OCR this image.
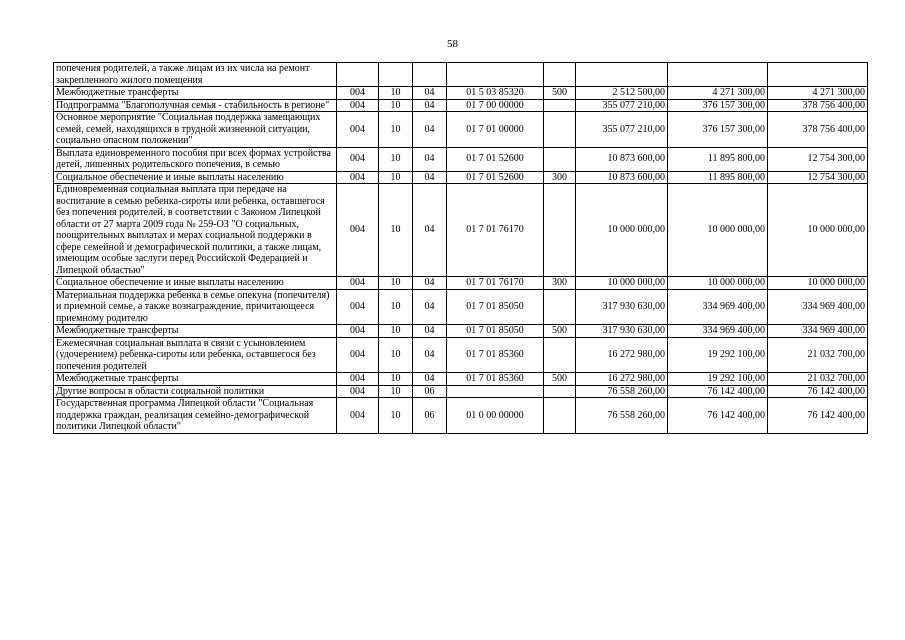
58
попечения родителей, а также лицам из их числа на ремонт закрепленного жилого помещения								
Межбюджетные трансферты	004	10	04	01 5 03 85320	500	2 512 500,00	4 271 300,00	4 271 300,00
Подпрограмма "Благополучная семья - стабильность в регионе"	004	10	04	01 7 00 00000		355 077 210,00	376 157 300,00	378 756 400,00
Основное мероприятие "Социальная поддержка замещающих семей, семей, находящихся в трудной жизненной ситуации, социально опасном положении"	004	10	04	01 7 01 00000		355 077 210,00	376 157 300,00	378 756 400,00
Выплата единовременного пособия при всех формах устройства детей, лишенных родительского попечения, в семью	004	10	04	01 7 01 52600		10 873 600,00	11 895 800,00	12 754 300,00
Социальное обеспечение и иные выплаты населению	004	10	04	01 7 01 52600	300	10 873 600,00	11 895 800,00	12 754 300,00
Единовременная социальная выплата при передаче на воспитание в семью ребенка-сироты или ребенка, оставшегося без попечения родителей, в соответствии с Законом Липецкой области от 27 марта 2009 года № 259-ОЗ "О социальных, поощрительных выплатах и мерах социальной поддержки в сфере семейной и демографической политики, а также лицам, имеющим особые заслуги перед Российской Федерацией и Липецкой областью"	004	10	04	01 7 01 76170		10 000 000,00	10 000 000,00	10 000 000,00
Социальное обеспечение и иные выплаты населению	004	10	04	01 7 01 76170	300	10 000 000,00	10 000 000,00	10 000 000,00
Материальная поддержка ребенка в семье опекуна (попечителя) и приемной семье, а также вознаграждение, причитающееся приемному родителю	004	10	04	01 7 01 85050		317 930 630,00	334 969 400,00	334 969 400,00
Межбюджетные трансферты	004	10	04	01 7 01 85050	500	317 930 630,00	334 969 400,00	334 969 400,00
Ежемесячная социальная выплата в связи с усыновлением (удочерением) ребенка-сироты или ребенка, оставшегося без попечения родителей	004	10	04	01 7 01 85360		16 272 980,00	19 292 100,00	21 032 700,00
Межбюджетные трансферты	004	10	04	01 7 01 85360	500	16 272 980,00	19 292 100,00	21 032 700,00
Другие вопросы в области социальной политики	004	10	06			76 558 260,00	76 142 400,00	76 142 400,00
Государственная программа Липецкой области "Социальная поддержка граждан, реализация семейно-демографической политики Липецкой области"	004	10	06	01 0 00 00000		76 558 260,00	76 142 400,00	76 142 400,00
